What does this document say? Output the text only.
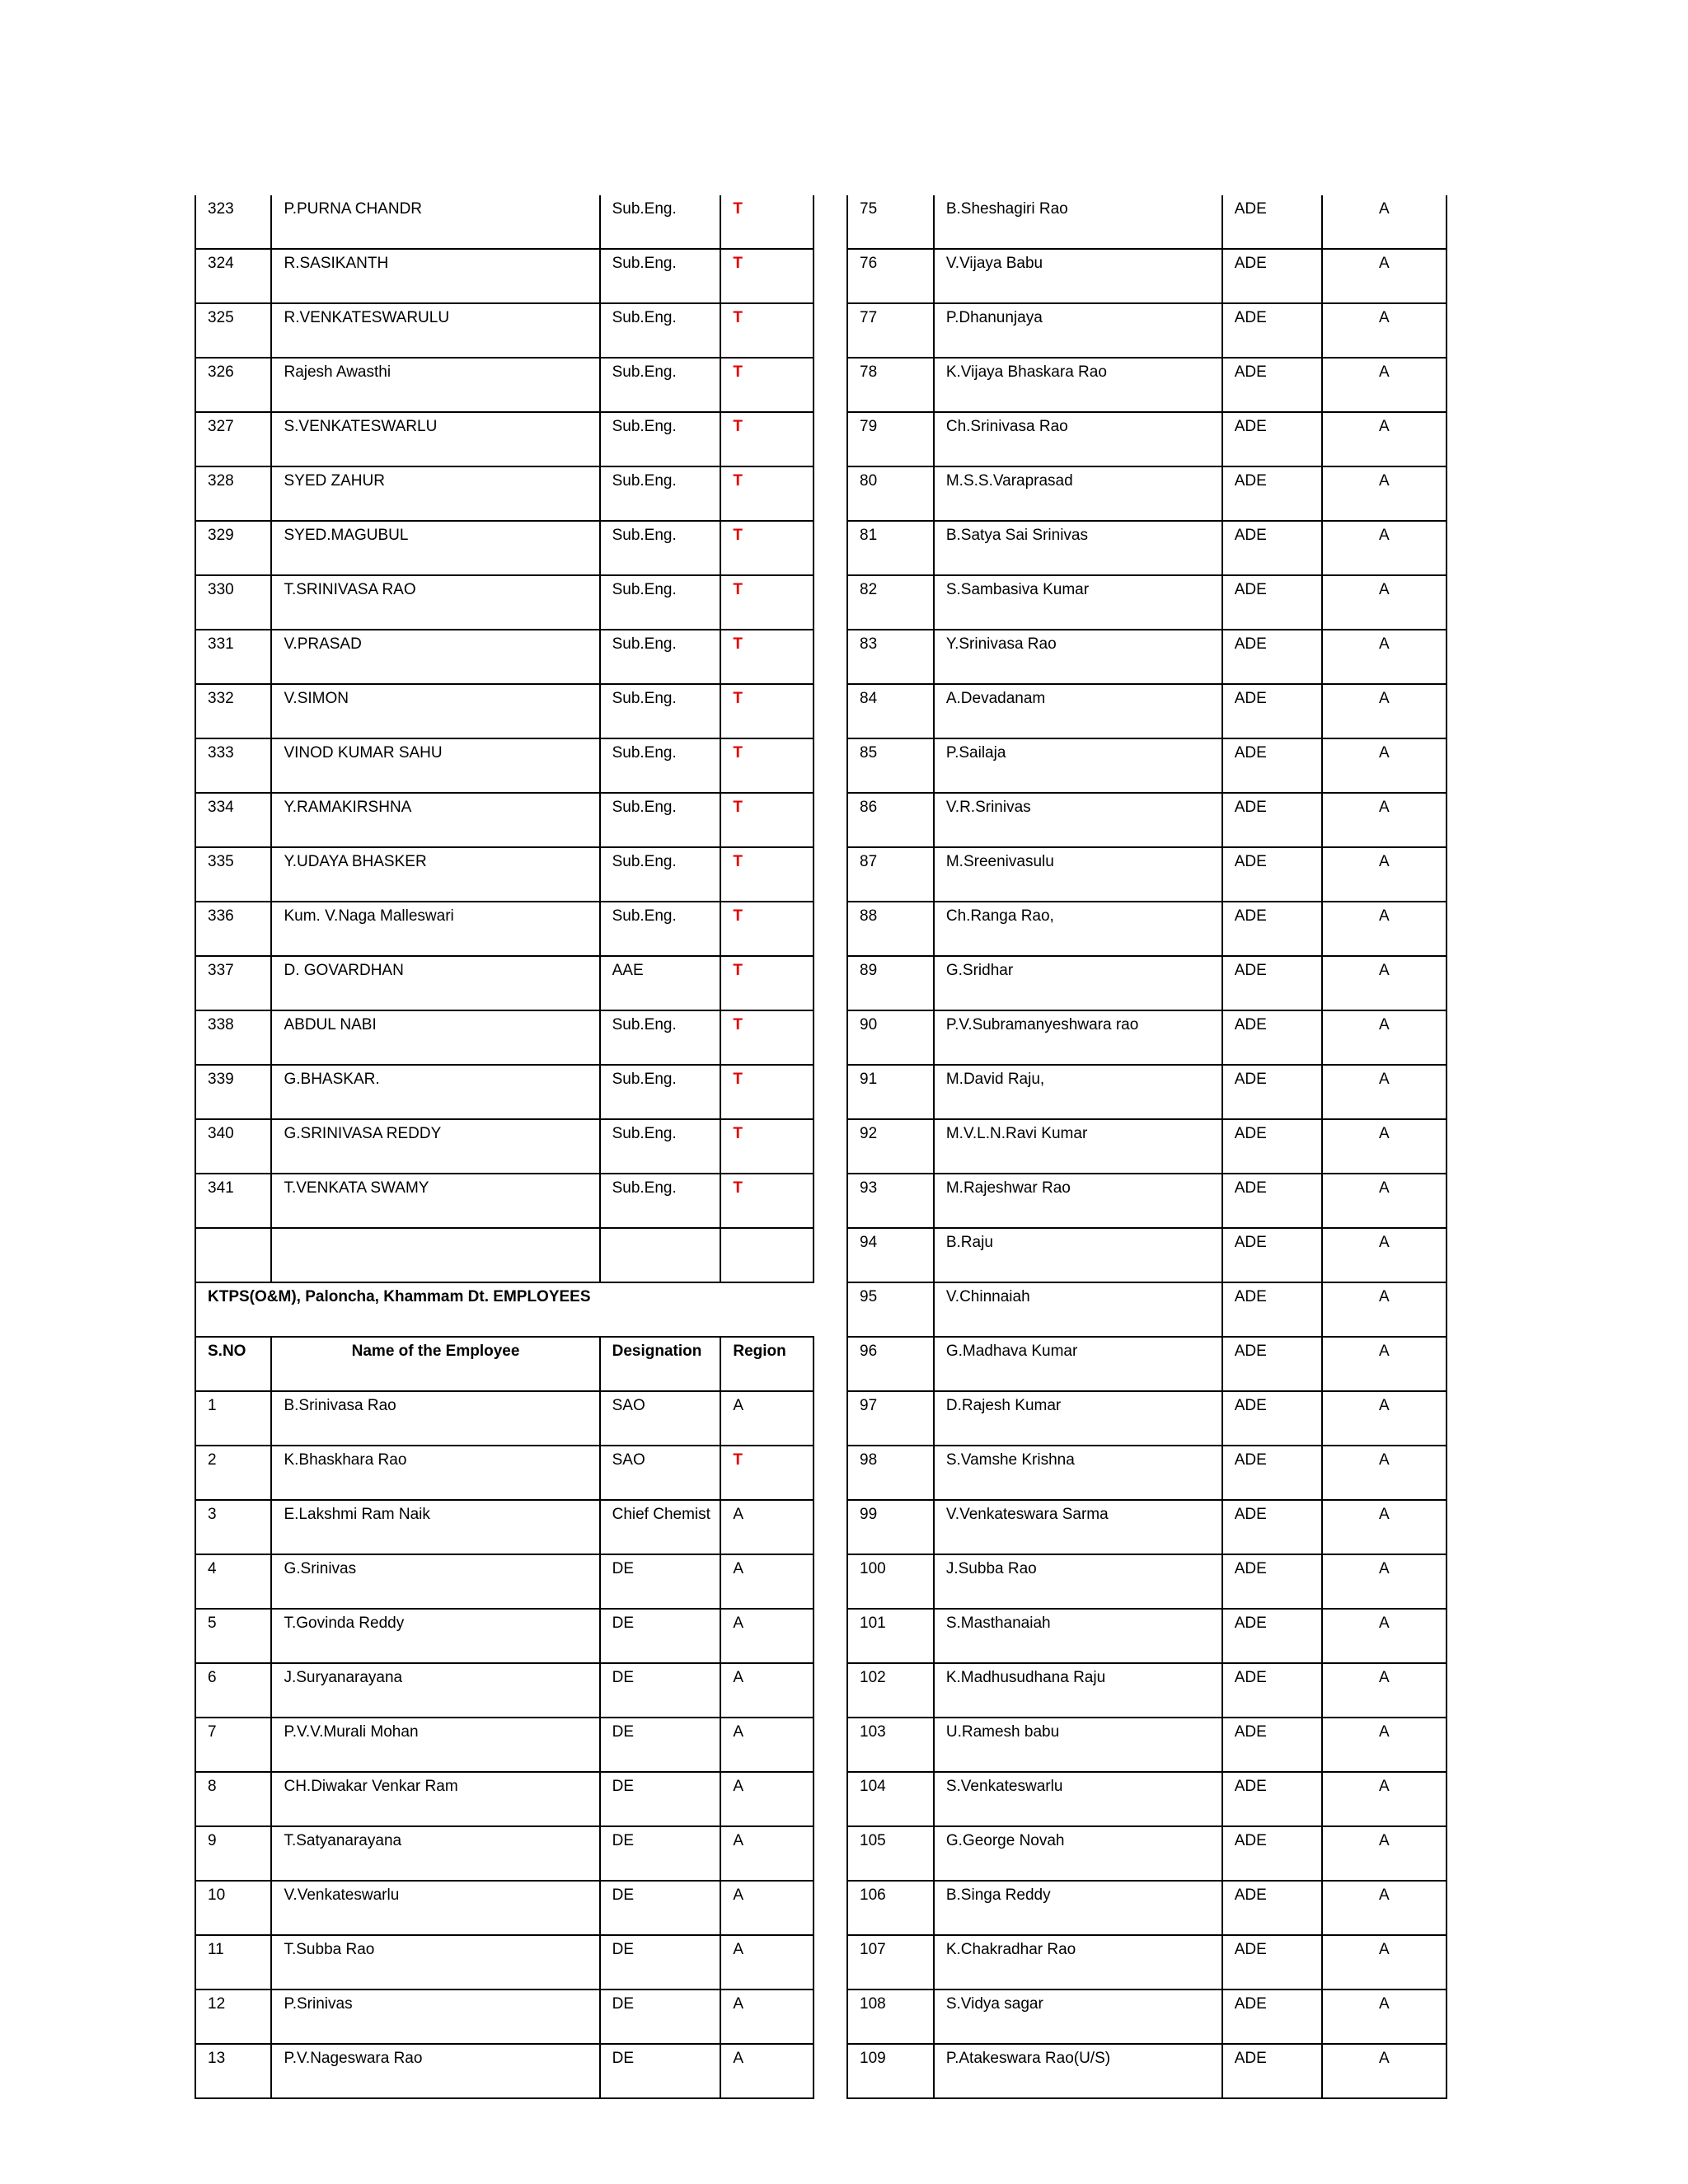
323	P.PURNA CHANDR	Sub.Eng.	T
324	R.SASIKANTH	Sub.Eng.	T
325	R.VENKATESWARULU	Sub.Eng.	T
326	Rajesh Awasthi	Sub.Eng.	T
327	S.VENKATESWARLU	Sub.Eng.	T
328	SYED ZAHUR	Sub.Eng.	T
329	SYED.MAGUBUL	Sub.Eng.	T
330	T.SRINIVASA RAO	Sub.Eng.	T
331	V.PRASAD	Sub.Eng.	T
332	V.SIMON	Sub.Eng.	T
333	VINOD KUMAR SAHU	Sub.Eng.	T
334	Y.RAMAKIRSHNA	Sub.Eng.	T
335	Y.UDAYA BHASKER	Sub.Eng.	T
336	Kum. V.Naga Malleswari	Sub.Eng.	T
337	D. GOVARDHAN	AAE	T
338	ABDUL NABI	Sub.Eng.	T
339	G.BHASKAR.	Sub.Eng.	T
340	G.SRINIVASA REDDY	Sub.Eng.	T
341	T.VENKATA SWAMY	Sub.Eng.	T

KTPS(O&M), Paloncha, Khammam Dt. EMPLOYEES			
S.NO	Name of the Employee	Designation	Region
1	B.Srinivasa Rao	SAO	A
2	K.Bhaskhara Rao	SAO	T
3	E.Lakshmi Ram Naik	Chief Chemist	A
4	G.Srinivas	DE	A
5	T.Govinda Reddy	DE	A
6	J.Suryanarayana	DE	A
7	P.V.V.Murali Mohan	DE	A
8	CH.Diwakar Venkar Ram	DE	A
9	T.Satyanarayana	DE	A
10	V.Venkateswarlu	DE	A
11	T.Subba Rao	DE	A
12	P.Srinivas	DE	A
13	P.V.Nageswara Rao	DE	A
75	B.Sheshagiri Rao	ADE	A
76	V.Vijaya Babu	ADE	A
77	P.Dhanunjaya	ADE	A
78	K.Vijaya Bhaskara Rao	ADE	A
79	Ch.Srinivasa Rao	ADE	A
80	M.S.S.Varaprasad	ADE	A
81	B.Satya Sai Srinivas	ADE	A
82	S.Sambasiva Kumar	ADE	A
83	Y.Srinivasa Rao	ADE	A
84	A.Devadanam	ADE	A
85	P.Sailaja	ADE	A
86	V.R.Srinivas	ADE	A
87	M.Sreenivasulu	ADE	A
88	Ch.Ranga Rao,	ADE	A
89	G.Sridhar	ADE	A
90	P.V.Subramanyeshwara rao	ADE	A
91	M.David Raju,	ADE	A
92	M.V.L.N.Ravi Kumar	ADE	A
93	M.Rajeshwar Rao	ADE	A
94	B.Raju	ADE	A
95	V.Chinnaiah	ADE	A
96	G.Madhava Kumar	ADE	A
97	D.Rajesh Kumar	ADE	A
98	S.Vamshe Krishna	ADE	A
99	V.Venkateswara Sarma	ADE	A
100	J.Subba Rao	ADE	A
101	S.Masthanaiah	ADE	A
102	K.Madhusudhana Raju	ADE	A
103	U.Ramesh babu	ADE	A
104	S.Venkateswarlu	ADE	A
105	G.George Novah	ADE	A
106	B.Singa Reddy	ADE	A
107	K.Chakradhar Rao	ADE	A
108	S.Vidya sagar	ADE	A
109	P.Atakeswara Rao(U/S)	ADE	A
